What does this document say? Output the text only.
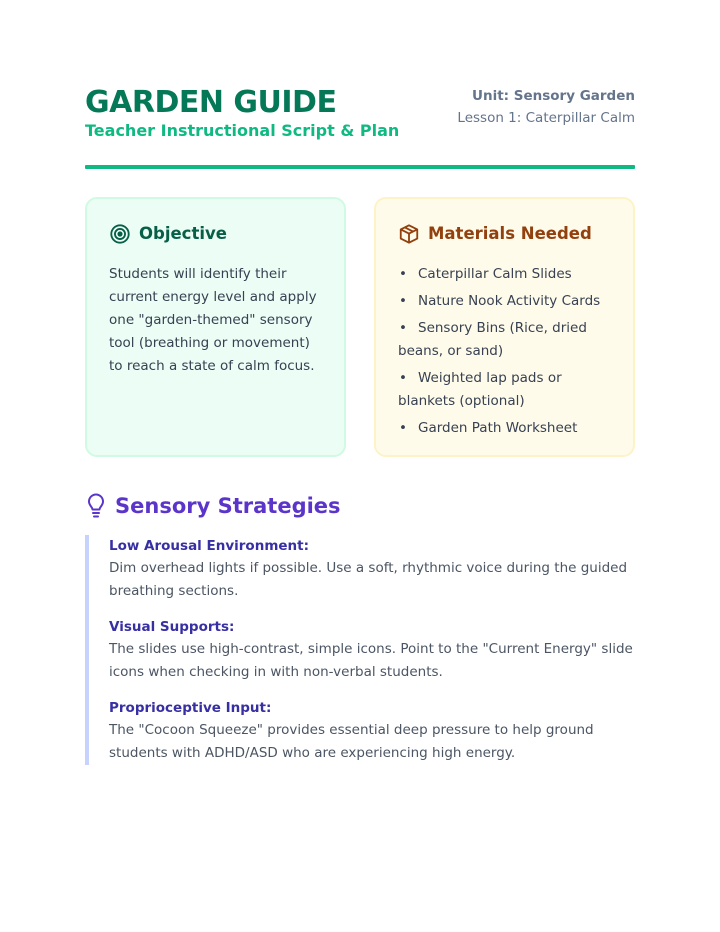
GARDEN GUIDE
Teacher Instructional Script & Plan
Unit: Sensory Garden
Lesson 1: Caterpillar Calm
Objective

Students will identify their current energy level and apply one "garden-themed" sensory tool (breathing or movement) to reach a state of calm focus.

Materials Needed
• Caterpillar Calm Slides
• Nature Nook Activity Cards
• Sensory Bins (Rice, dried beans, or sand)
• Weighted lap pads or blankets (optional)
• Garden Path Worksheet
Sensory Strategies
Low Arousal Environment:
Dim overhead lights if possible. Use a soft, rhythmic voice during the guided breathing sections.
Visual Supports:
The slides use high-contrast, simple icons. Point to the "Current Energy" slide icons when checking in with non-verbal students.
Proprioceptive Input:
The "Cocoon Squeeze" provides essential deep pressure to help ground students with ADHD/ASD who are experiencing high energy.
